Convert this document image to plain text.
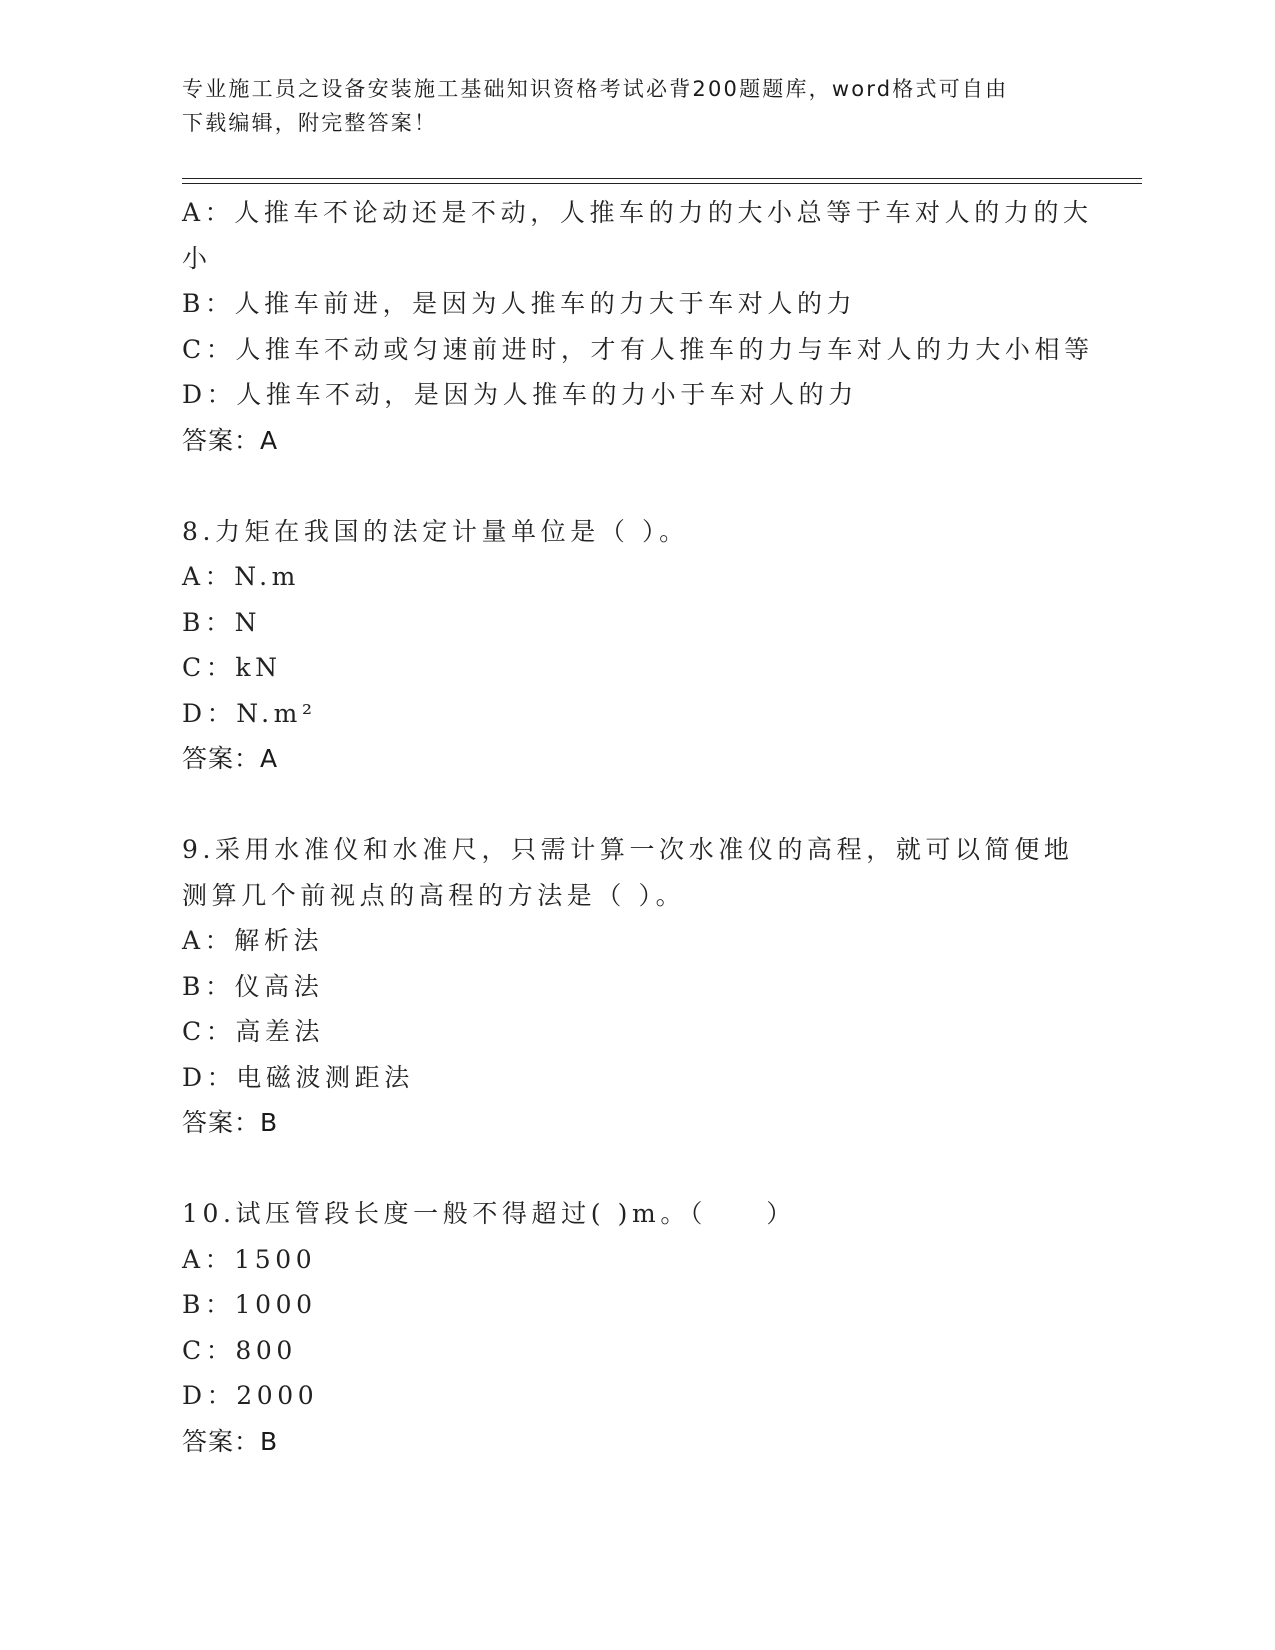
专业施工员之设备安装施工基础知识资格考试必背200题题库，word格式可自由
下载编辑，附完整答案！
A：人推车不论动还是不动，人推车的力的大小总等于车对人的力的大
小
B：人推车前进，是因为人推车的力大于车对人的力
C：人推车不动或匀速前进时，才有人推车的力与车对人的力大小相等
D：人推车不动，是因为人推车的力小于车对人的力
答案：A
8.力矩在我国的法定计量单位是（ ）。
A：N.m
B：N
C：kN
D：N.m²
答案：A
9.采用水准仪和水准尺，只需计算一次水准仪的高程，就可以简便地
测算几个前视点的高程的方法是（ ）。
A：解析法
B：仪高法
C：高差法
D：电磁波测距法
答案：B
10.试压管段长度一般不得超过( )m。（　　）
A：1500
B：1000
C：800
D：2000
答案：B
